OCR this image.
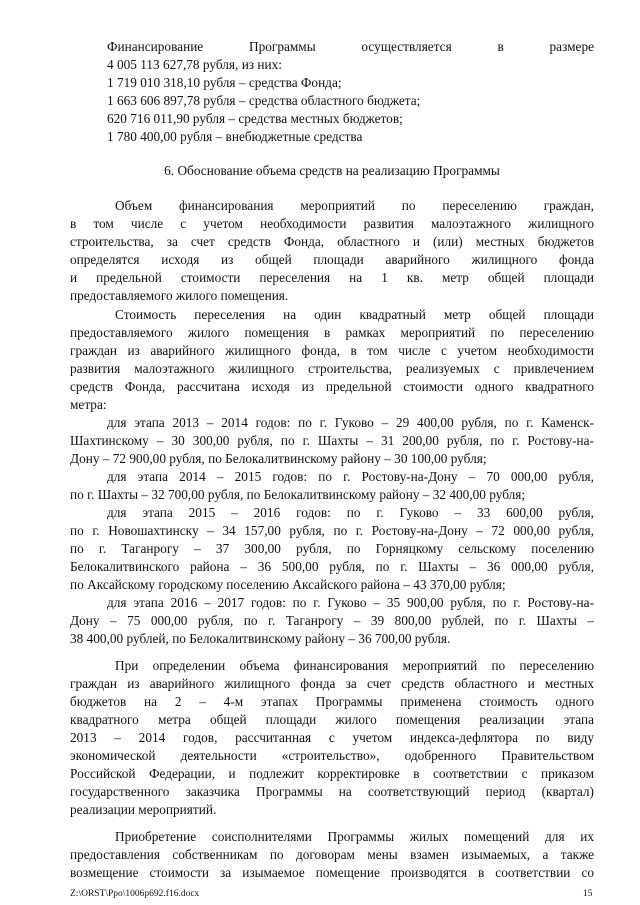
Финансирование Программы осуществляется в размере
4 005 113 627,78 рубля, из них:
1 719 010 318,10 рубля – средства Фонда;
1 663 606 897,78 рубля – средства областного бюджета;
620 716 011,90 рубля – средства местных бюджетов;
1 780 400,00 рубля – внебюджетные средства
6. Обоснование объема средств на реализацию Программы
Объем финансирования мероприятий по переселению граждан,
в том числе с учетом необходимости развития малоэтажного жилищного
строительства, за счет средств Фонда, областного и (или) местных бюджетов
определятся исходя из общей площади аварийного жилищного фонда
и предельной стоимости переселения на 1 кв. метр общей площади
предоставляемого жилого помещения.
Стоимость переселения на один квадратный метр общей площади
предоставляемого жилого помещения в рамках мероприятий по переселению
граждан из аварийного жилищного фонда, в том числе с учетом необходимости
развития малоэтажного жилищного строительства, реализуемых с привлечением
средств Фонда, рассчитана исходя из предельной стоимости одного квадратного
метра:
для этапа 2013 – 2014 годов: по г. Гуково – 29 400,00 рубля, по г. Каменск-
Шахтинскому – 30 300,00 рубля, по г. Шахты – 31 200,00 рубля, по г. Ростову-на-
Дону – 72 900,00 рубля, по Белокалитвинскому району – 30 100,00 рубля;
для этапа 2014 – 2015 годов: по г. Ростову-на-Дону – 70 000,00 рубля,
по г. Шахты – 32 700,00 рубля, по Белокалитвинскому району – 32 400,00 рубля;
для этапа 2015 – 2016 годов: по г. Гуково – 33 600,00 рубля,
по г. Новошахтинску – 34 157,00 рубля, по г. Ростову-на-Дону – 72 000,00 рубля,
по г. Таганрогу – 37 300,00 рубля, по Горняцкому сельскому поселению
Белокалитвинского района – 36 500,00 рубля, по г. Шахты – 36 000,00 рубля,
по Аксайскому городскому поселению Аксайского района – 43 370,00 рубля;
для этапа 2016 – 2017 годов: по г. Гуково – 35 900,00 рубля, по г. Ростову-на-
Дону – 75 000,00 рубля, по г. Таганрогу – 39 800,00 рублей, по г. Шахты –
38 400,00 рублей, по Белокалитвинскому району – 36 700,00 рубля.
При определении объема финансирования мероприятий по переселению
граждан из аварийного жилищного фонда за счет средств областного и местных
бюджетов на 2 – 4-м этапах Программы применена стоимость одного
квадратного метра общей площади жилого помещения реализации этапа
2013 – 2014 годов, рассчитанная с учетом индекса-дефлятора по виду
экономической деятельности «строительство», одобренного Правительством
Российской Федерации, и подлежит корректировке в соответствии с приказом
государственного заказчика Программы на соответствующий период (квартал)
реализации мероприятий.
Приобретение соисполнителями Программы жилых помещений для их
предоставления собственникам по договорам мены взамен изымаемых, а также
возмещение стоимости за изымаемое помещение производятся в соответствии со
Z:\ORST\Ppo\1006p692.f16.docx	15
